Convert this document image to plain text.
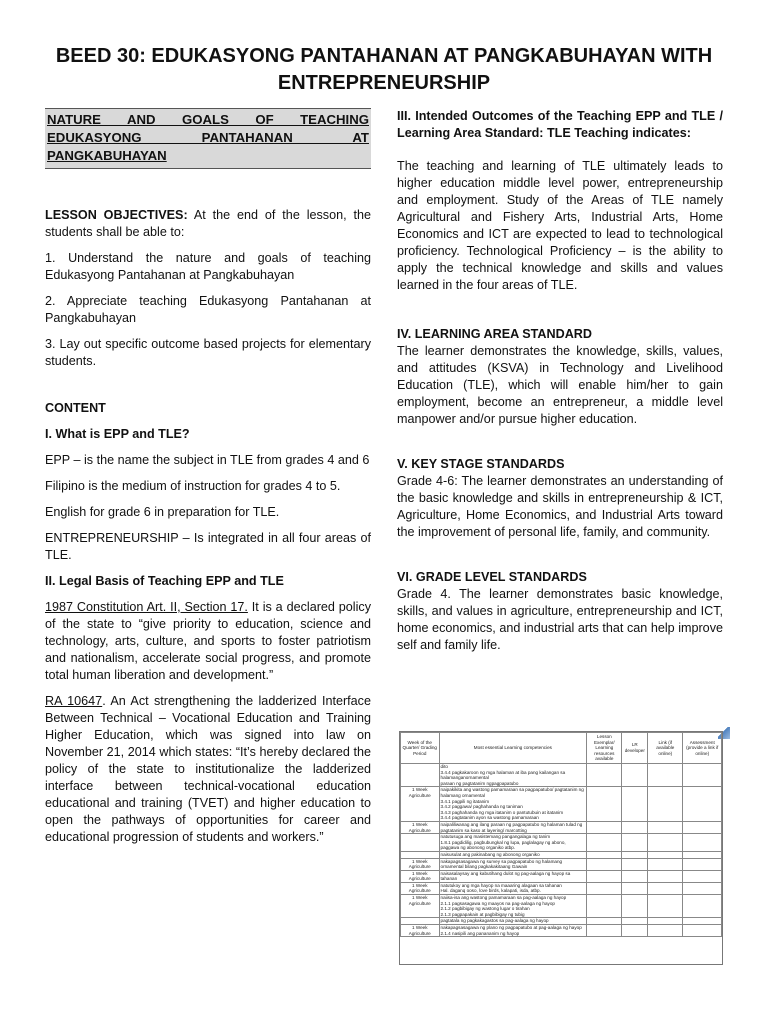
BEED 30: EDUKASYONG PANTAHANAN AT PANGKABUHAYAN WITH ENTREPRENEURSHIP
NATURE AND GOALS OF TEACHING EDUKASYONG PANTAHANAN AT PANGKABUHAYAN

LESSON OBJECTIVES: At the end of the lesson, the students shall be able to:

1. Understand the nature and goals of teaching Edukasyong Pantahanan at Pangkabuhayan

2. Appreciate teaching Edukasyong Pantahanan at Pangkabuhayan

3. Lay out specific outcome based projects for elementary students.

CONTENT

I. What is EPP and TLE?

EPP – is the name the subject in TLE from grades 4 and 6

Filipino is the medium of instruction for grades 4 to 5.

English for grade 6 in preparation for TLE.

ENTREPRENEURSHIP – Is integrated in all four areas of TLE.

II. Legal Basis of Teaching EPP and TLE

1987 Constitution Art. II, Section 17. It is a declared policy of the state to “give priority to education, science and technology, arts, culture, and sports to foster patriotism and nationalism, accelerate social progress, and promote total human liberation and development.”

RA 10647. An Act strengthening the ladderized Interface Between Technical – Vocational Education and Training Higher Education, which was signed into law on November 21, 2014 which states: “It’s hereby declared the policy of the state to institutionalize the ladderized interface between technical-vocational education educational and training (TVET) and higher education to open the pathways of opportunities for career and educational progression of students and workers.”

III. Intended Outcomes of the Teaching EPP and TLE / Learning Area Standard: TLE Teaching indicates:

The teaching and learning of TLE ultimately leads to higher education middle level power, entrepreneurship and employment. Study of the Areas of TLE namely Agricultural and Fishery Arts, Industrial Arts, Home Economics and ICT are expected to lead to technological proficiency. Technological Proficiency – is the ability to apply the technical knowledge and skills and values learned in the four areas of TLE.

IV. LEARNING AREA STANDARD

The learner demonstrates the knowledge, skills, values, and attitudes (KSVA) in Technology and Livelihood Education (TLE), which will enable him/her to gain employment, become an entrepreneur, a middle level manpower and/or pursue higher education.

V. KEY STAGE STANDARDS

Grade 4-6: The learner demonstrates an understanding of the basic knowledge and skills in entrepreneurship & ICT, Agriculture, Home Economics, and Industrial Arts toward the improvement of personal life, family, and community.

VI. GRADE LEVEL STANDARDS

Grade 4. The learner demonstrates basic knowledge, skills, and values in agriculture, entrepreneurship and ICT, home economics, and industrial arts that can help improve self and family life.

Week of the Quarter/ Grading Period	Most essential Learning competencies	Lesson Exemplar/ Learning resources available	LR developer	Link (if available online)	Assessment (provide a link if online)
	dito
3.4.4 pagkakaroon ng mga halaman at iba pang kailangan sa halamanganornamental
paraan ng pagtatanim ngpagpapatubo				
1 Week Agriculture	naipakikita ang wastong pamamaraan sa pagpapatubo/ pagtatanim ng halamang ornamental
3.4.1 pagpili ng itatanim
3.4.2 paggawa/ paghahanda ng taniman
3.4.3 paghahanda ng mga itatanim o pantutubuin at itatanim
3.4.4 pagtatanim ayon sa wastong pamamaraan				
1 Week Agriculture	naipaliliwanag ang ilang paraan ng pagpapatubo ng halaman tulad ng pagtatanim sa kaso at layering/ marcotting				
	natutusuga ang masistemang pangangalaga ng tanim
1.8.1 pagdidilig, pagbubungkal ng lupa, paglalagay ng abono, paggawa ng abonong organiko atbp.				
	naisusulat ang pakinabang ng abonong organiko				
1 Week Agriculture	nakapagsasagawa ng survey sa pagpapatubo ng halamang ornamental bilang pagkakakitaang Gawain				
1 Week Agriculture	naisasalaysay ang kabutihang dulot ng pag-aalaga ng hayop sa tahanan				
1 Week Agriculture	natutukoy ang mga hayop na maaaring alagaan sa tahanan
Hal. daganq ooso, love birds, kalapati, isda, atbp.				
1 Week Agriculture	naiisa-isa ang wastong pamamaraan sa pag-aalaga ng hayop
2.1.1 pagsasagawa ng maayos na pag-aalaga ng hayop
2.1.2 pagbibigay ng wastong lugar o tirahan
2.1.3 pagpapakain at pagbibigay ng tubig				
	pagtatala ng pagkakagastos sa pag-aalaga ng hayop				
1 Week Agriculture	nakapagsasagawa ng plano ng pagpapatubo at pag-aalaga ng hayop
2.1.4 nasipili ang panananim ng hayop				
